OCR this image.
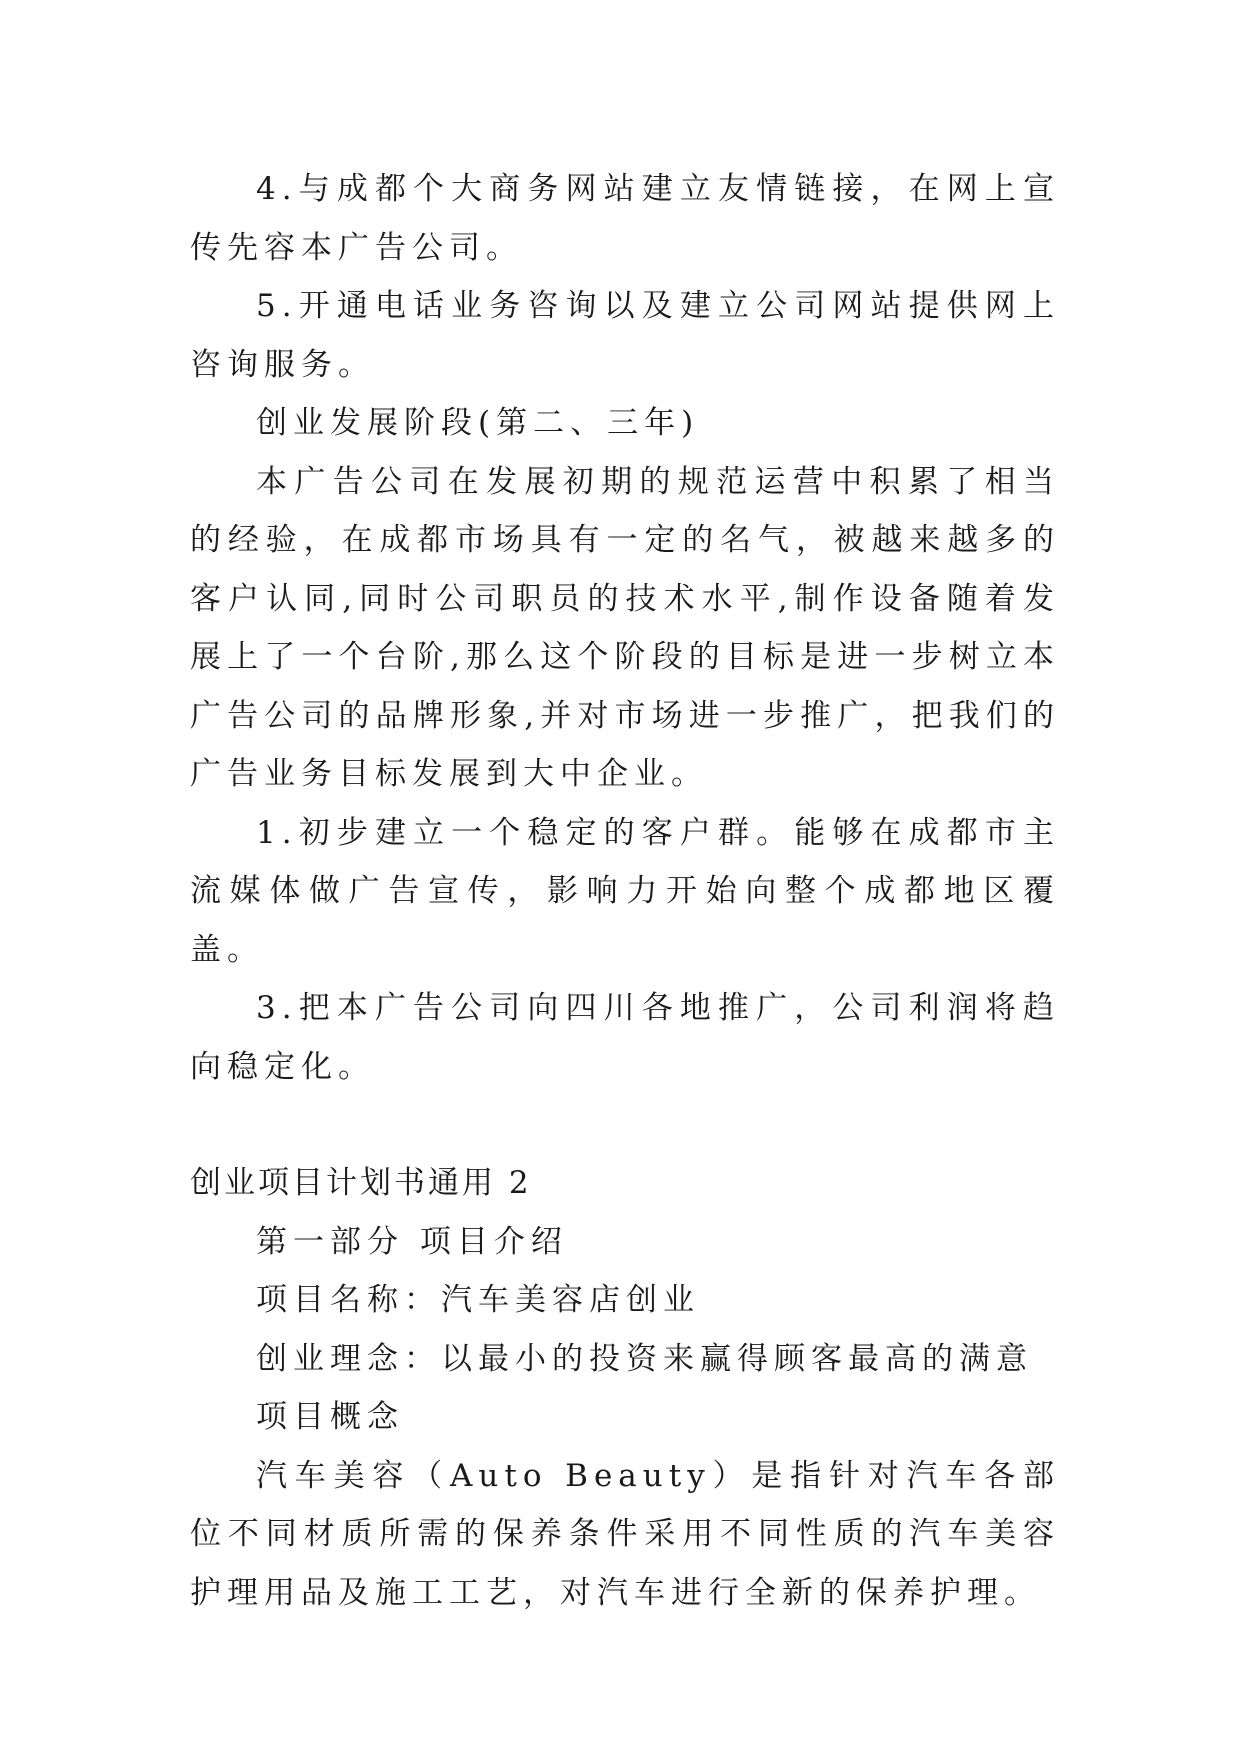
4.与成都个大商务网站建立友情链接，在网上宣传先容本广告公司。

5.开通电话业务咨询以及建立公司网站提供网上咨询服务。

创业发展阶段(第二、三年)

本广告公司在发展初期的规范运营中积累了相当的经验，在成都市场具有一定的名气，被越来越多的客户认同,同时公司职员的技术水平,制作设备随着发展上了一个台阶,那么这个阶段的目标是进一步树立本广告公司的品牌形象,并对市场进一步推广，把我们的广告业务目标发展到大中企业。

1.初步建立一个稳定的客户群。能够在成都市主流媒体做广告宣传，影响力开始向整个成都地区覆盖。

3.把本广告公司向四川各地推广，公司利润将趋向稳定化。

创业项目计划书通用 2

第一部分 项目介绍

项目名称：汽车美容店创业

创业理念：以最小的投资来赢得顾客最高的满意

项目概念

汽车美容（Auto Beauty）是指针对汽车各部位不同材质所需的保养条件采用不同性质的汽车美容护理用品及施工工艺，对汽车进行全新的保养护理。
